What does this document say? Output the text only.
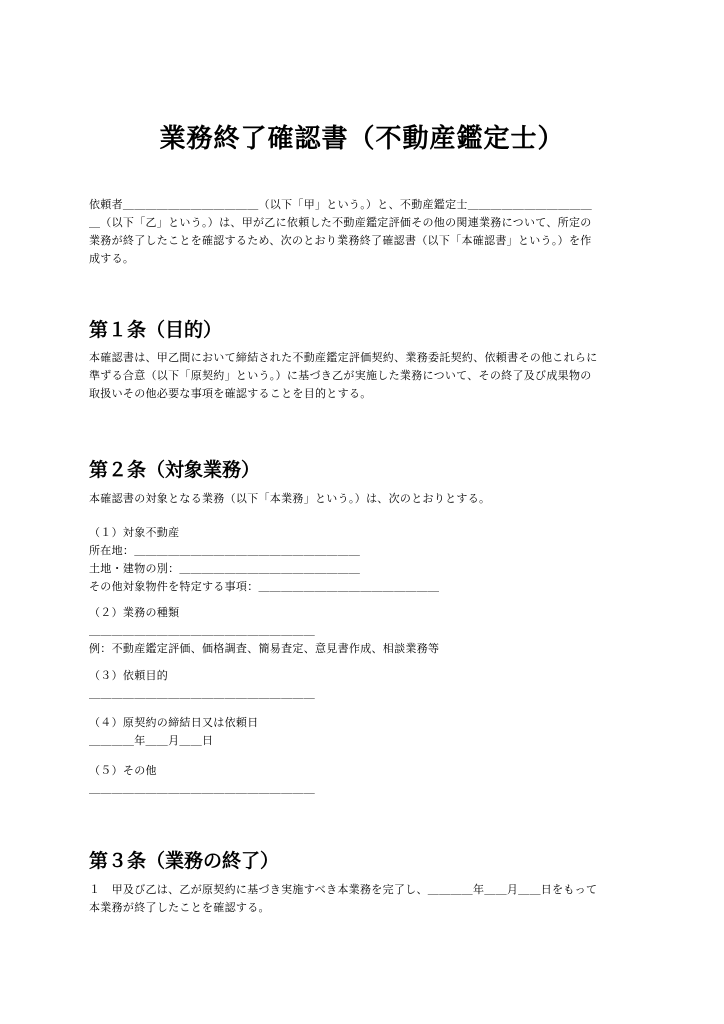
業務終了確認書（不動産鑑定士）
依頼者＿＿＿＿＿＿＿＿＿＿＿＿（以下「甲」という。）と、不動産鑑定士＿＿＿＿＿＿＿＿＿＿＿
＿（以下「乙」という。）は、甲が乙に依頼した不動産鑑定評価その他の関連業務について、所定の
業務が終了したことを確認するため、次のとおり業務終了確認書（以下「本確認書」という。）を作
成する。
第１条（目的）
本確認書は、甲乙間において締結された不動産鑑定評価契約、業務委託契約、依頼書その他これらに
準ずる合意（以下「原契約」という。）に基づき乙が実施した業務について、その終了及び成果物の
取扱いその他必要な事項を確認することを目的とする。
第２条（対象業務）
本確認書の対象となる業務（以下「本業務」という。）は、次のとおりとする。
（１）対象不動産
所在地：＿＿＿＿＿＿＿＿＿＿＿＿＿＿＿＿＿＿＿＿
土地・建物の別：＿＿＿＿＿＿＿＿＿＿＿＿＿＿＿＿
その他対象物件を特定する事項：＿＿＿＿＿＿＿＿＿＿＿＿＿＿＿＿
（２）業務の種類
＿＿＿＿＿＿＿＿＿＿＿＿＿＿＿＿＿＿＿＿
例：不動産鑑定評価、価格調査、簡易査定、意見書作成、相談業務等
（３）依頼目的
＿＿＿＿＿＿＿＿＿＿＿＿＿＿＿＿＿＿＿＿
（４）原契約の締結日又は依頼日
＿＿＿＿年＿＿月＿＿日
（５）その他
＿＿＿＿＿＿＿＿＿＿＿＿＿＿＿＿＿＿＿＿
第３条（業務の終了）
１　甲及び乙は、乙が原契約に基づき実施すべき本業務を完了し、＿＿＿＿年＿＿月＿＿日をもって
本業務が終了したことを確認する。
